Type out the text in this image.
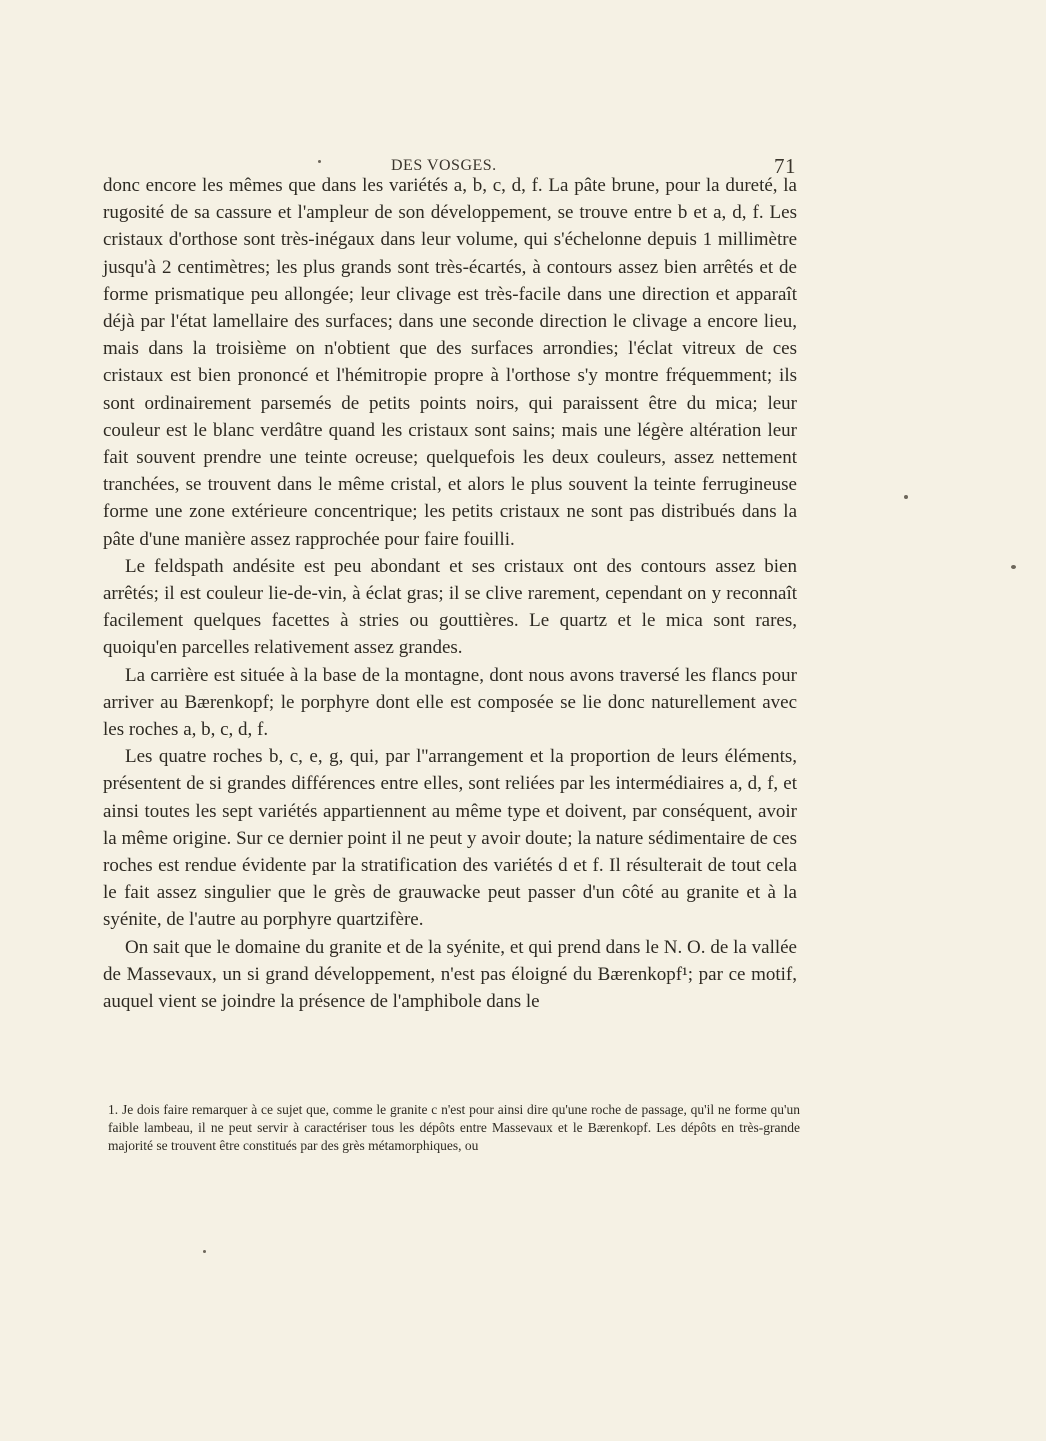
DES VOSGES.	71

donc encore les mêmes que dans les variétés a, b, c, d, f. La pâte brune, pour la dureté, la rugosité de sa cassure et l'ampleur de son développement, se trouve entre b et a, d, f. Les cristaux d'orthose sont très-inégaux dans leur volume, qui s'échelonne depuis 1 millimètre jusqu'à 2 centimètres; les plus grands sont très-écartés, à contours assez bien arrêtés et de forme prismatique peu allongée; leur clivage est très-facile dans une direction et apparaît déjà par l'état lamellaire des surfaces; dans une seconde direction le clivage a encore lieu, mais dans la troisième on n'obtient que des surfaces arrondies; l'éclat vitreux de ces cristaux est bien prononcé et l'hémitropie propre à l'orthose s'y montre fréquemment; ils sont ordinairement parsemés de petits points noirs, qui paraissent être du mica; leur couleur est le blanc verdâtre quand les cristaux sont sains; mais une légère altération leur fait souvent prendre une teinte ocreuse; quelquefois les deux couleurs, assez nettement tranchées, se trouvent dans le même cristal, et alors le plus souvent la teinte ferrugineuse forme une zone extérieure concentrique; les petits cristaux ne sont pas distribués dans la pâte d'une manière assez rapprochée pour faire fouilli.

Le feldspath andésite est peu abondant et ses cristaux ont des contours assez bien arrêtés; il est couleur lie-de-vin, à éclat gras; il se clive rarement, cependant on y reconnaît facilement quelques facettes à stries ou gouttières. Le quartz et le mica sont rares, quoiqu'en parcelles relativement assez grandes.

La carrière est située à la base de la montagne, dont nous avons traversé les flancs pour arriver au Bærenkopf; le porphyre dont elle est composée se lie donc naturellement avec les roches a, b, c, d, f.

Les quatre roches b, c, e, g, qui, par l''arrangement et la proportion de leurs éléments, présentent de si grandes différences entre elles, sont reliées par les intermédiaires a, d, f, et ainsi toutes les sept variétés appartiennent au même type et doivent, par conséquent, avoir la même origine. Sur ce dernier point il ne peut y avoir doute; la nature sédimentaire de ces roches est rendue évidente par la stratification des variétés d et f. Il résulterait de tout cela le fait assez singulier que le grès de grauwacke peut passer d'un côté au granite et à la syénite, de l'autre au porphyre quartzifère.

On sait que le domaine du granite et de la syénite, et qui prend dans le N. O. de la vallée de Massevaux, un si grand développement, n'est pas éloigné du Bærenkopf¹; par ce motif, auquel vient se joindre la présence de l'amphibole dans le

1. Je dois faire remarquer à ce sujet que, comme le granite c n'est pour ainsi dire qu'une roche de passage, qu'il ne forme qu'un faible lambeau, il ne peut servir à caractériser tous les dépôts entre Massevaux et le Bærenkopf. Les dépôts en très-grande majorité se trouvent être constitués par des grès métamorphiques, ou
